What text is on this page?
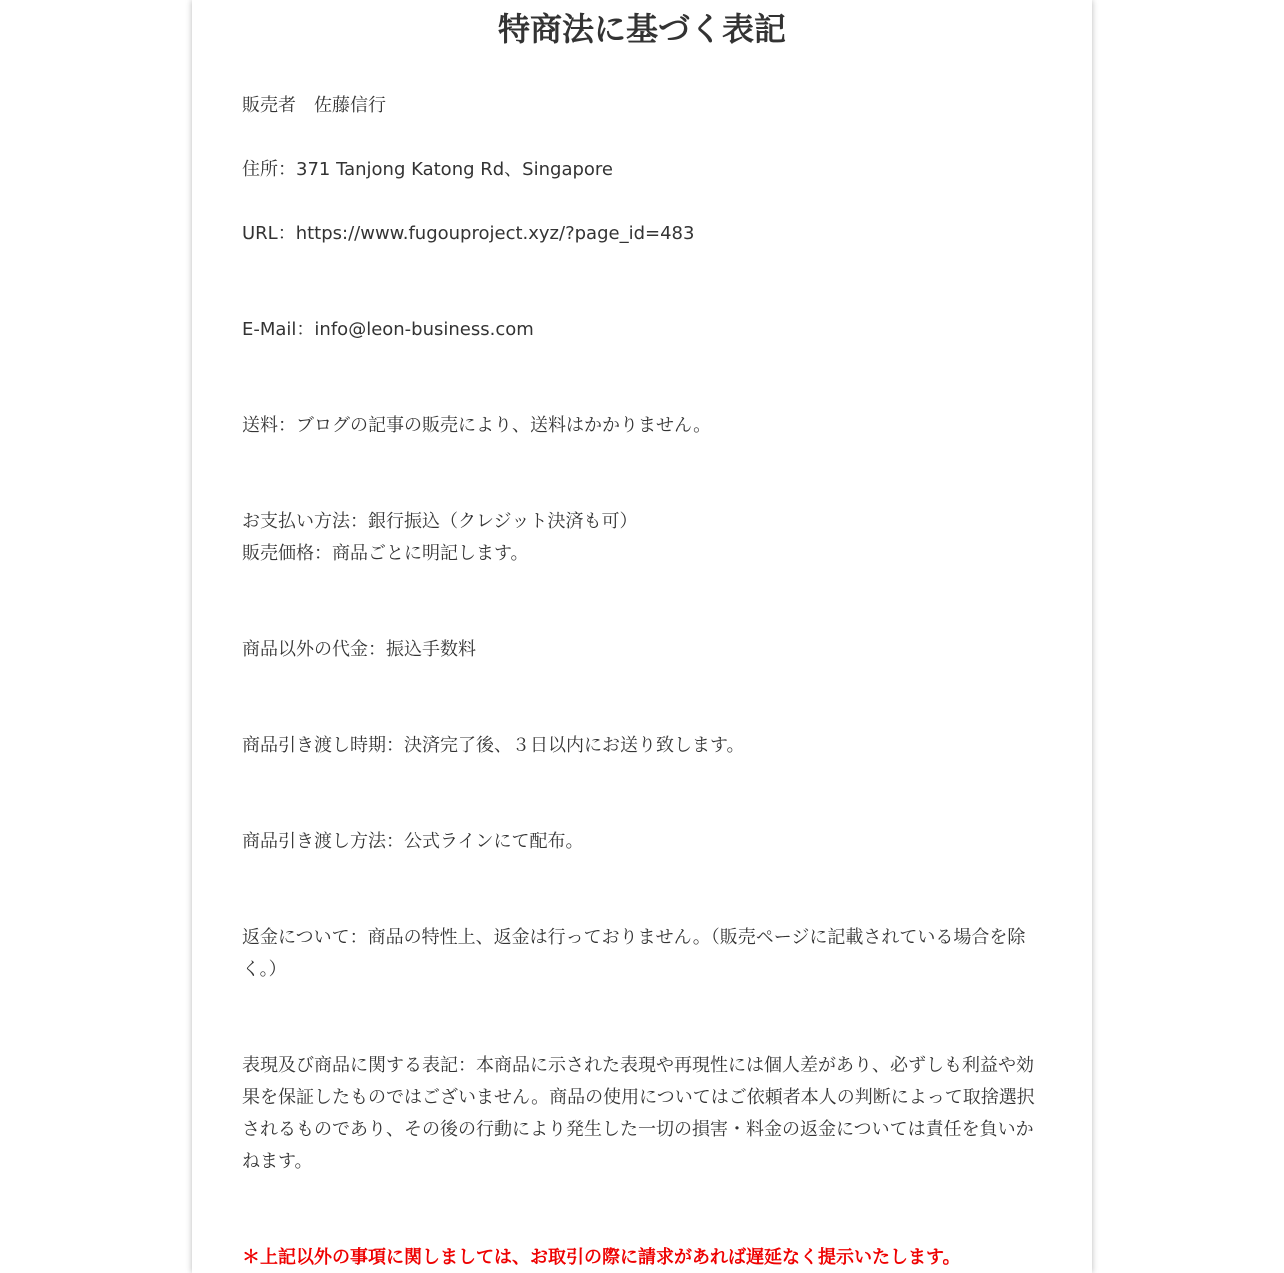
特商法に基づく表記

販売者　佐藤信行

住所：371 Tanjong Katong Rd、Singapore

URL：https://www.fugouproject.xyz/?page_id=483

E-Mail：info@leon-business.com

送料：ブログの記事の販売により、送料はかかりません。

お支払い方法：銀行振込（クレジット決済も可）

販売価格：商品ごとに明記します。

商品以外の代金：振込手数料

商品引き渡し時期：決済完了後、３日以内にお送り致します。

商品引き渡し方法：公式ラインにて配布。

返金について：商品の特性上、返金は行っておりません。（販売ページに記載されている場合を除

く。）

表現及び商品に関する表記：本商品に示された表現や再現性には個人差があり、必ずしも利益や効

果を保証したものではございません。商品の使用についてはご依頼者本人の判断によって取捨選択

されるものであり、その後の行動により発生した一切の損害・料金の返金については責任を負いか

ねます。

＊上記以外の事項に関しましては、お取引の際に請求があれば遅延なく提示いたします。
